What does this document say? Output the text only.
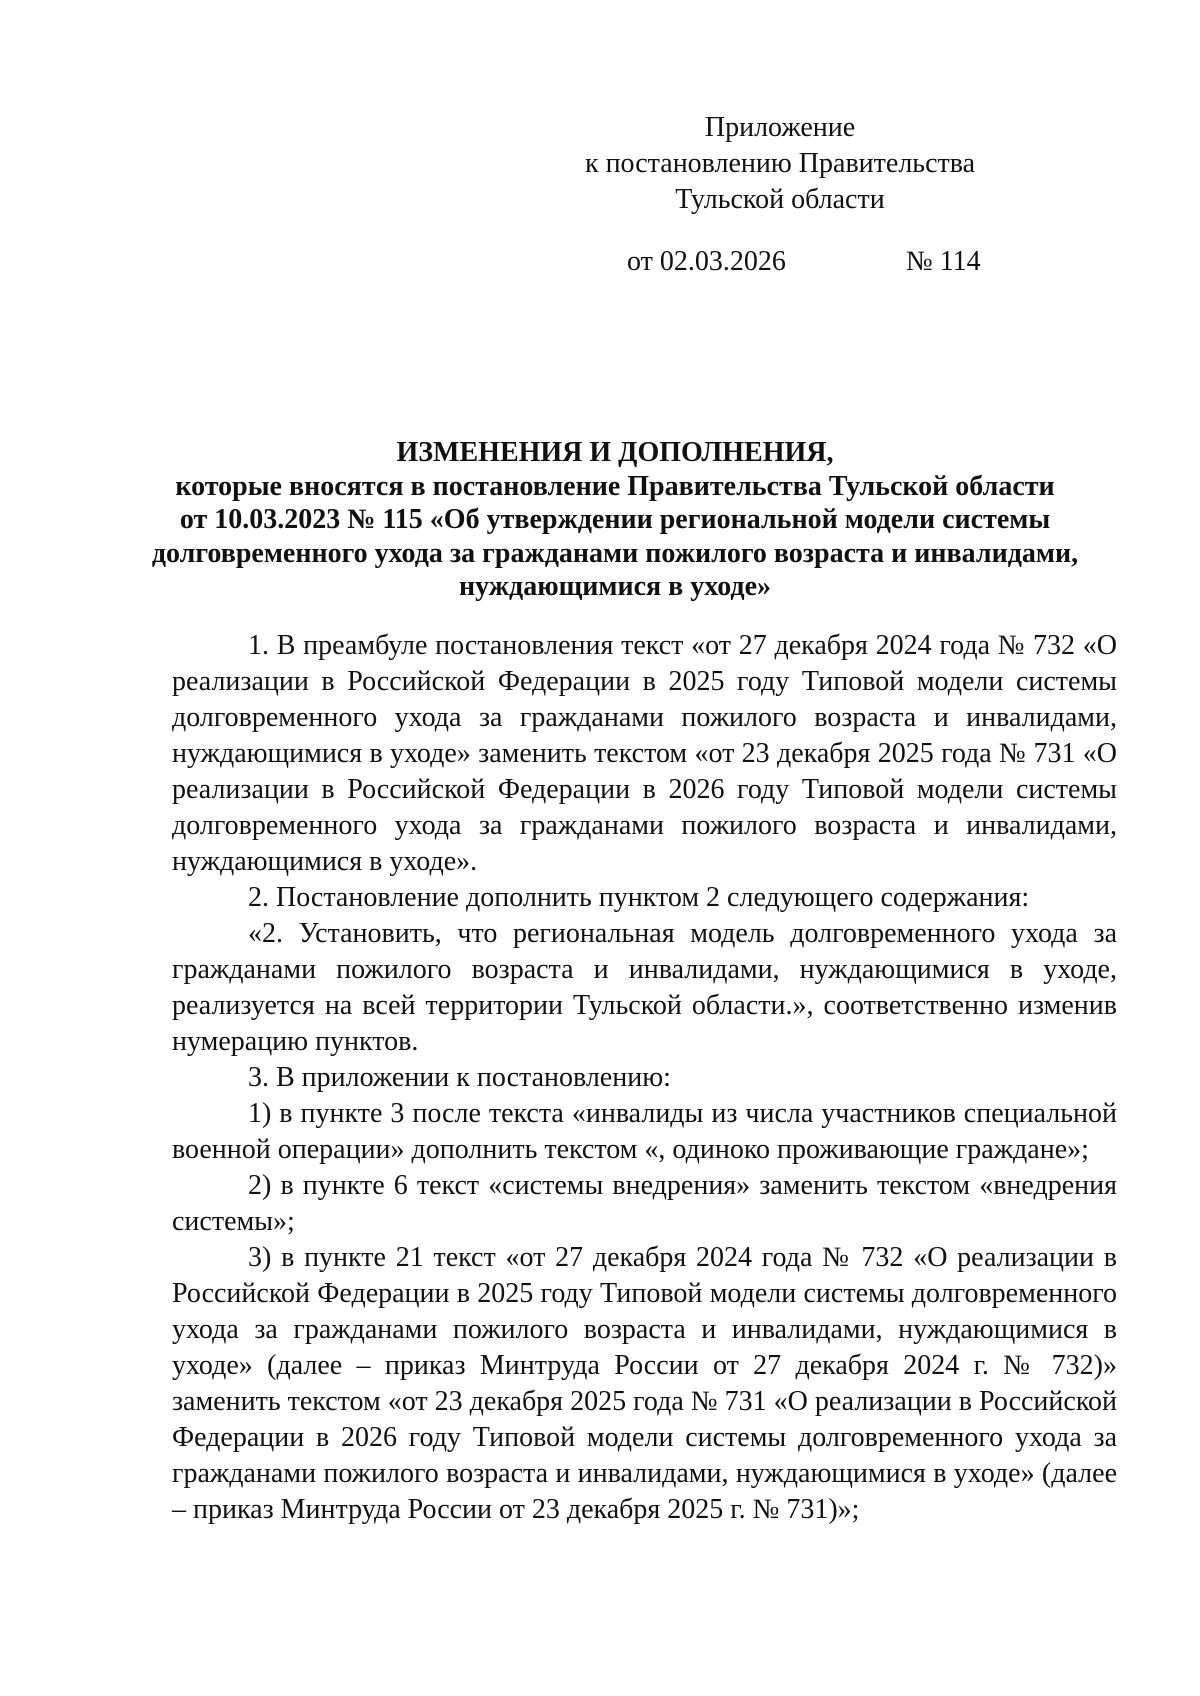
Приложение
к постановлению Правительства
Тульской области
от 02.03.2026	№ 114
ИЗМЕНЕНИЯ И ДОПОЛНЕНИЯ,
которые вносятся в постановление Правительства Тульской области
от 10.03.2023 № 115 «Об утверждении региональной модели системы
долговременного ухода за гражданами пожилого возраста и инвалидами,
нуждающимися в уходе»

1. В преамбуле постановления текст «от 27 декабря 2024 года № 732 «О реализации в Российской Федерации в 2025 году Типовой модели системы долговременного ухода за гражданами пожилого возраста и инвалидами, нуждающимися в уходе» заменить текстом «от 23 декабря 2025 года № 731 «О реализации в Российской Федерации в 2026 году Типовой модели системы долговременного ухода за гражданами пожилого возраста и инвалидами, нуждающимися в уходе».

2. Постановление дополнить пунктом 2 следующего содержания:

«2. Установить, что региональная модель долговременного ухода за гражданами пожилого возраста и инвалидами, нуждающимися в уходе, реализуется на всей территории Тульской области.», соответственно изменив нумерацию пунктов.

3. В приложении к постановлению:

1) в пункте 3 после текста «инвалиды из числа участников специальной военной операции» дополнить текстом «, одиноко проживающие граждане»;

2) в пункте 6 текст «системы внедрения» заменить текстом «внедрения системы»;

3) в пункте 21 текст «от 27 декабря 2024 года № 732 «О реализации в Российской Федерации в 2025 году Типовой модели системы долговременного ухода за гражданами пожилого возраста и инвалидами, нуждающимися в уходе» (далее – приказ Минтруда России от 27 декабря 2024 г. № 732)» заменить текстом «от 23 декабря 2025 года № 731 «О реализации в Российской Федерации в 2026 году Типовой модели системы долговременного ухода за гражданами пожилого возраста и инвалидами, нуждающимися в уходе» (далее – приказ Минтруда России от 23 декабря 2025 г. № 731)»;
